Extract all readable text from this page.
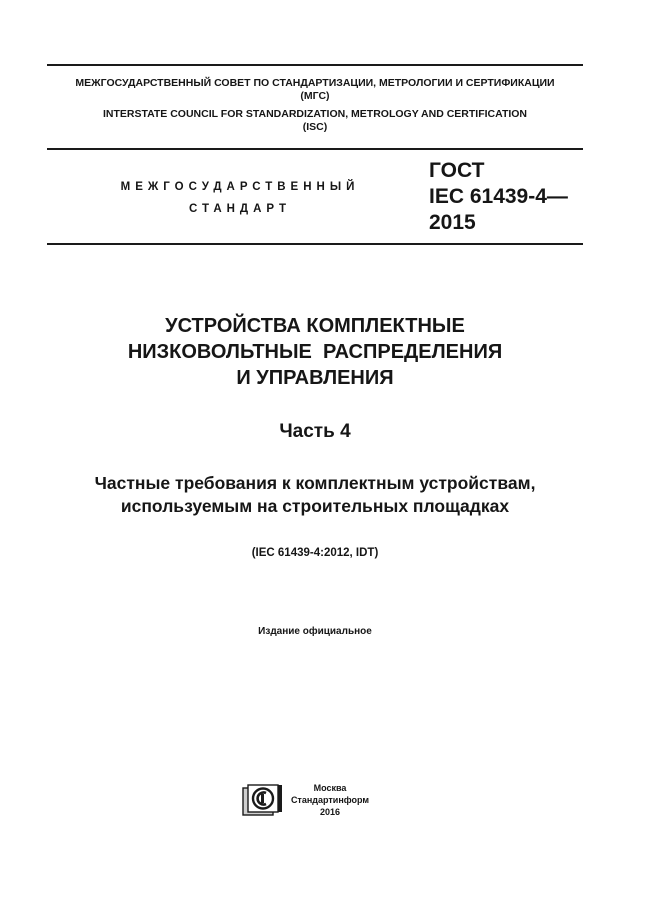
МЕЖГОСУДАРСТВЕННЫЙ СОВЕТ ПО СТАНДАРТИЗАЦИИ, МЕТРОЛОГИИ И СЕРТИФИКАЦИИ
(МГС)
INTERSTATE COUNCIL FOR STANDARDIZATION, METROLOGY AND CERTIFICATION
(ISC)
МЕЖГОСУДАРСТВЕННЫЙ
СТАНДАРТ
ГОСТ
IEC 61439-4—
2015
УСТРОЙСТВА КОМПЛЕКТНЫЕ
НИЗКОВОЛЬТНЫЕ  РАСПРЕДЕЛЕНИЯ
И УПРАВЛЕНИЯ
Часть 4
Частные требования к комплектным устройствам,
используемым на строительных площадках
(IEC 61439-4:2012, IDT)
Издание официальное
Москва
Стандартинформ
2016
